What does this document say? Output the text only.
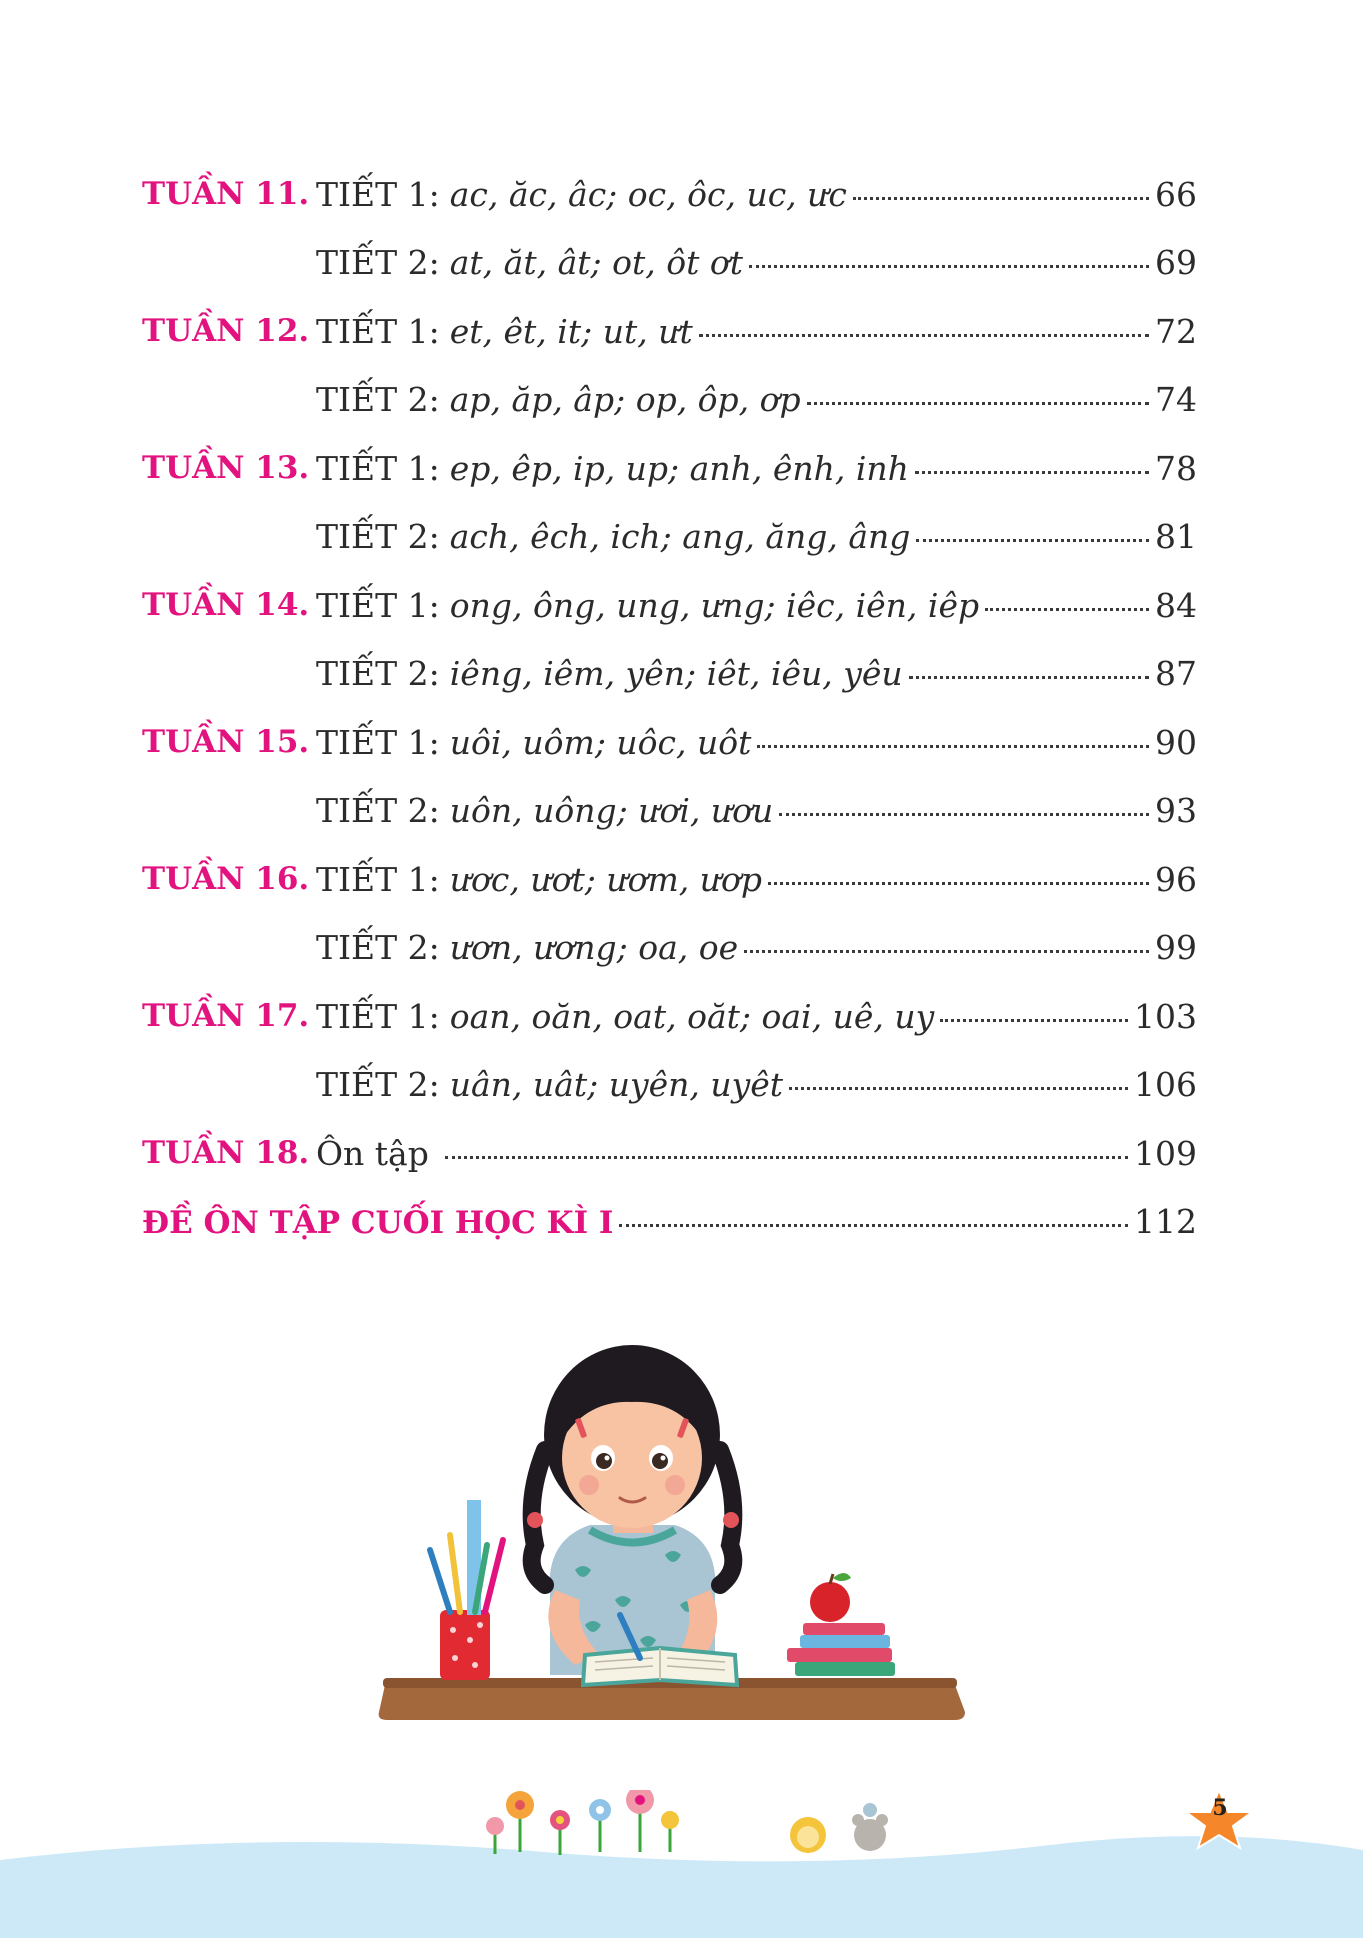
TUẦN 11. TIẾT 1: ac, ăc, âc; oc, ôc, uc, ưc	66
TIẾT 2: at, ăt, ât; ot, ôt ơt	69
TUẦN 12. TIẾT 1: et, êt, it; ut, ưt	72
TIẾT 2: ap, ăp, âp; op, ôp, ơp	74
TUẦN 13. TIẾT 1: ep, êp, ip, up; anh, ênh, inh	78
TIẾT 2: ach, êch, ich; ang, ăng, âng	81
TUẦN 14. TIẾT 1: ong, ông, ung, ưng; iêc, iên, iêp	84
TIẾT 2: iêng, iêm, yên; iêt, iêu, yêu	87
TUẦN 15. TIẾT 1: uôi, uôm; uôc, uôt	90
TIẾT 2: uôn, uông; ươi, ươu	93
TUẦN 16. TIẾT 1: ươc, ươt; ươm, ươp	96
TIẾT 2: ươn, ương; oa, oe	99
TUẦN 17. TIẾT 1: oan, oăn, oat, oăt; oai, uê, uy	103
TIẾT 2: uân, uât; uyên, uyêt	106
TUẦN 18. Ôn tập	109
ĐỀ ÔN TẬP CUỐI HỌC KÌ I	112
5
